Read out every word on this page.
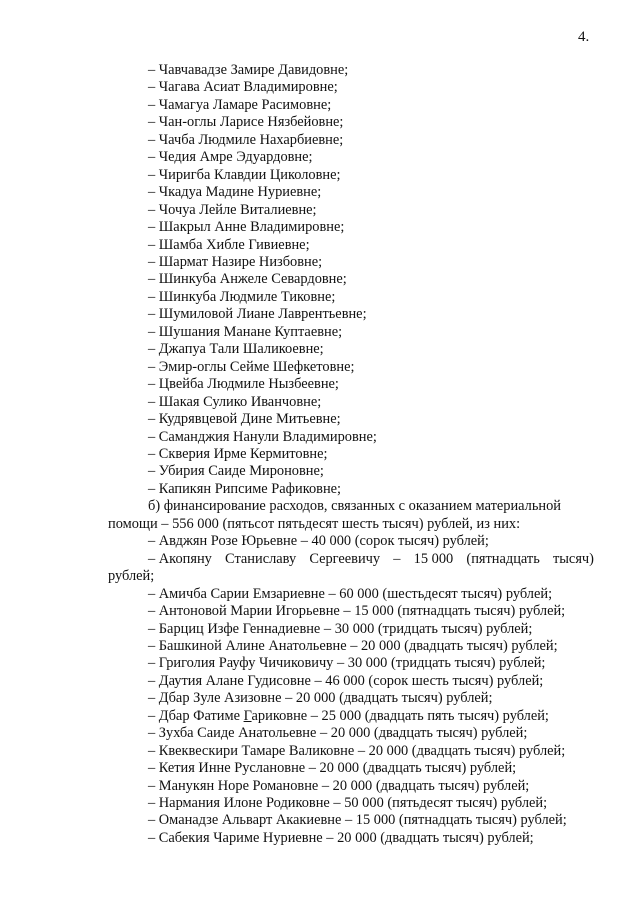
4.
– Чавчавадзе Замире Давидовне;
– Чагава Асиат Владимировне;
– Чамагуа Ламаре Расимовне;
– Чан-оглы Ларисе Нязбейовне;
– Чачба Людмиле Нахарбиевне;
– Чедия Амре Эдуардовне;
– Чиригба Клавдии Циколовне;
– Чкадуа Мадине Нуриевне;
– Чочуа Лейле Виталиевне;
– Шакрыл Анне Владимировне;
– Шамба Хибле Гивиевне;
– Шармат Назире Низбовне;
– Шинкуба Анжеле Севардовне;
– Шинкуба Людмиле Тиковне;
– Шумиловой Лиане Лаврентьевне;
– Шушания Манане Куптаевне;
– Джапуа Тали Шаликоевне;
– Эмир-оглы Сейме Шефкетовне;
– Цвейба Людмиле Нызбеевне;
– Шакая Сулико Иванчовне;
– Кудрявцевой Дине Митьевне;
– Саманджия Нанули Владимировне;
– Скверия Ирме Кермитовне;
– Убирия Саиде Мироновне;
– Капикян Рипсиме Рафиковне;
б) финансирование расходов, связанных с оказанием материальной
помощи – 556 000 (пятьсот пятьдесят шесть тысяч) рублей, из них:
– Авджян Розе Юрьевне – 40 000 (сорок тысяч) рублей;
– Акопяну Станиславу Сергеевичу – 15 000 (пятнадцать тысяч)
рублей;
– Амичба Сарии Емзариевне – 60 000 (шестьдесят тысяч) рублей;
– Антоновой Марии Игорьевне – 15 000 (пятнадцать тысяч) рублей;
– Барциц Изфе Геннадиевне – 30 000 (тридцать тысяч) рублей;
– Башкиной Алине Анатольевне – 20 000 (двадцать тысяч) рублей;
– Григолия Рауфу Чичиковичу – 30 000 (тридцать тысяч) рублей;
– Даутия Алане Гудисовне – 46 000 (сорок шесть тысяч) рублей;
– Дбар Зуле Азизовне – 20 000 (двадцать тысяч) рублей;
– Дбар Фатиме Гариковне – 25 000 (двадцать пять тысяч) рублей;
– Зухба Саиде Анатольевне – 20 000 (двадцать тысяч) рублей;
– Квеквескири Тамаре Валиковне – 20 000 (двадцать тысяч) рублей;
– Кетия Инне Руслановне – 20 000 (двадцать тысяч) рублей;
– Манукян Норе Романовне – 20 000 (двадцать тысяч) рублей;
– Нармания Илоне Родиковне – 50 000 (пятьдесят тысяч) рублей;
– Оманадзе Альварт Акакиевне – 15 000 (пятнадцать тысяч) рублей;
– Сабекия Чариме Нуриевне – 20 000 (двадцать тысяч) рублей;
